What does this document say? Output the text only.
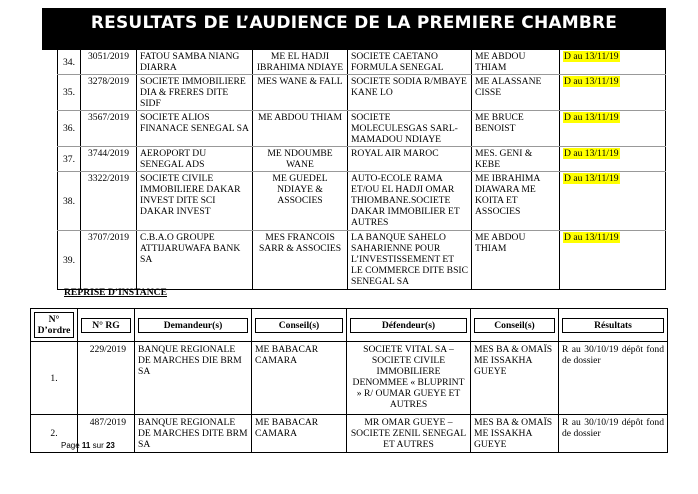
RESULTATS DE L’AUDIENCE DE LA PREMIERE CHAMBRE
34.	3051/2019	FATOU SAMBA NIANG DIARRA	ME EL HADJI IBRAHIMA NDIAYE	SOCIETE CAETANO FORMULA SENEGAL	ME ABDOU THIAM	D au 13/11/19
35.	3278/2019	SOCIETE IMMOBILIERE DIA & FRERES DITE SIDF	MES WANE & FALL	SOCIETE SODIA R/MBAYE KANE LO	ME ALASSANE CISSE	D au 13/11/19
36.	3567/2019	SOCIETE ALIOS FINANACE SENEGAL SA	ME ABDOU THIAM	SOCIETE MOLECULESGAS SARL-MAMADOU NDIAYE	ME BRUCE BENOIST	D au 13/11/19
37.	3744/2019	AEROPORT DU SENEGAL ADS	ME NDOUMBE WANE	ROYAL AIR MAROC	MES. GENI & KEBE	D au 13/11/19
38.	3322/2019	SOCIETE CIVILE IMMOBILIERE DAKAR INVEST DITE SCI DAKAR INVEST	ME GUEDEL NDIAYE & ASSOCIES	AUTO-ECOLE RAMA ET/OU EL HADJI OMAR THIOMBANE.SOCIETE DAKAR IMMOBILIER ET AUTRES	ME IBRAHIMA DIAWARA ME KOITA ET ASSOCIES	D au 13/11/19
39.	3707/2019	C.B.A.O GROUPE ATTIJARUWAFA BANK SA	MES FRANCOIS SARR & ASSOCIES	LA BANQUE SAHELO SAHARIENNE POUR L’INVESTISSEMENT ET LE COMMERCE DITE BSIC SENEGAL SA	ME ABDOU THIAM	D au 13/11/19
REPRISE D’INSTANCE
N° D’ordre	N° RG	Demandeur(s)	Conseil(s)	Défendeur(s)	Conseil(s)	Résultats

1.	229/2019	BANQUE REGIONALE DE MARCHES DIE BRM SA	ME BABACAR CAMARA	SOCIETE VITAL SA – SOCIETE CIVILE IMMOBILIERE DENOMMEE « BLUPRINT » R/ OUMAR GUEYE ET AUTRES	MES BA & OMAÏS ME ISSAKHA GUEYE	R au 30/10/19 dépôt fond de dossier
2.	487/2019	BANQUE REGIONALE DE MARCHES DITE BRM SA	ME BABACAR CAMARA	MR OMAR GUEYE – SOCIETE ZENIL SENEGAL ET AUTRES	MES BA & OMAÏS ME ISSAKHA GUEYE	R au 30/10/19 dépôt fond de dossier
Page 11 sur 23
